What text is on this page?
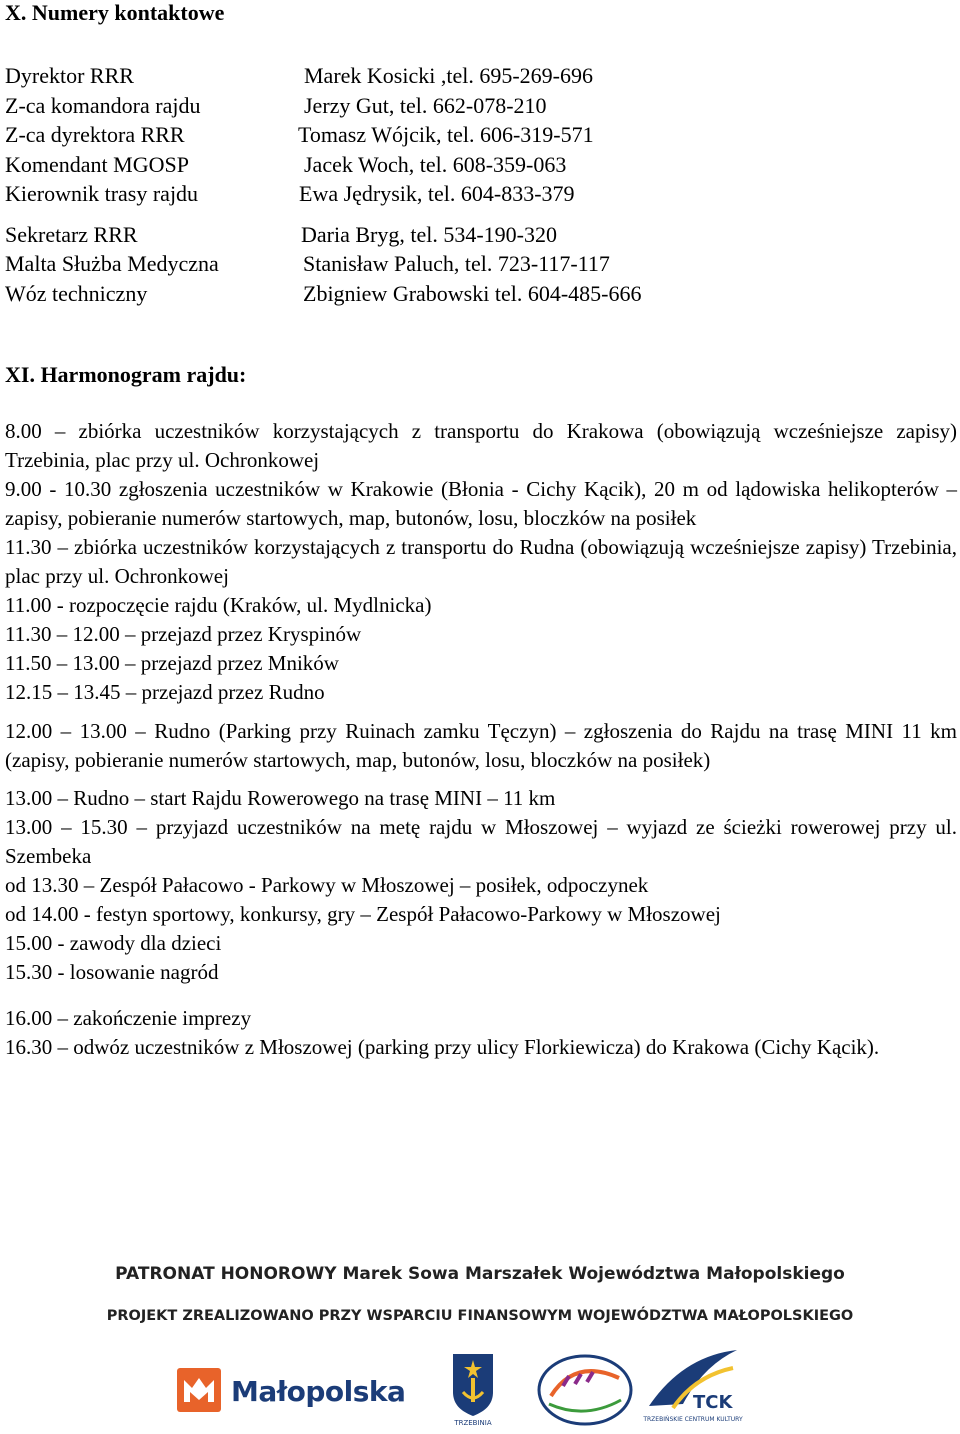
X. Numery kontaktowe
Dyrektor RRR	Marek Kosicki ,tel. 695-269-696
Z-ca komandora rajdu	Jerzy Gut, tel. 662-078-210
Z-ca dyrektora RRR	Tomasz Wójcik, tel. 606-319-571
Komendant MGOSP	Jacek Woch, tel. 608-359-063
Kierownik trasy rajdu	Ewa Jędrysik, tel. 604-833-379
Sekretarz RRR	Daria Bryg, tel. 534-190-320
Malta Służba Medyczna	Stanisław Paluch, tel. 723-117-117
Wóz techniczny	Zbigniew Grabowski tel. 604-485-666
XI. Harmonogram rajdu:

8.00 – zbiórka uczestników korzystających z transportu do Krakowa (obowiązują wcześniejsze zapisy) Trzebinia, plac przy ul. Ochronkowej

9.00 - 10.30 zgłoszenia uczestników w Krakowie (Błonia - Cichy Kącik), 20 m od lądowiska helikopterów – zapisy, pobieranie numerów startowych, map, butonów, losu, bloczków na posiłek

11.30 – zbiórka uczestników korzystających z transportu do Rudna (obowiązują wcześniejsze zapisy) Trzebinia, plac przy ul. Ochronkowej

11.00 - rozpoczęcie rajdu (Kraków, ul. Mydlnicka)

11.30 – 12.00 – przejazd przez Kryspinów

11.50 – 13.00 – przejazd przez Mników

12.15 – 13.45 – przejazd przez Rudno

12.00 – 13.00 – Rudno (Parking przy Ruinach zamku Tęczyn) – zgłoszenia do Rajdu na trasę MINI 11 km (zapisy, pobieranie numerów startowych, map, butonów, losu, bloczków na posiłek)

13.00 – Rudno – start Rajdu Rowerowego na trasę MINI – 11 km

13.00 – 15.30 – przyjazd uczestników na metę rajdu w Młoszowej – wyjazd ze ścieżki rowerowej przy ul. Szembeka

od 13.30 – Zespół Pałacowo - Parkowy w Młoszowej – posiłek, odpoczynek

od 14.00 - festyn sportowy, konkursy, gry – Zespół Pałacowo-Parkowy w Młoszowej

15.00 - zawody dla dzieci

15.30 - losowanie nagród

16.00 – zakończenie imprezy

16.30 – odwóz uczestników z Młoszowej (parking przy ulicy Florkiewicza) do Krakowa (Cichy Kącik).

PATRONAT HONOROWY Marek Sowa Marszałek Województwa Małopolskiego

PROJEKT ZREALIZOWANO PRZY WSPARCIU FINANSOWYM WOJEWÓDZTWA MAŁOPOLSKIEGO

Małopolska
TRZEBINIA
TCK
TRZEBIŃSKIE CENTRUM KULTURY
